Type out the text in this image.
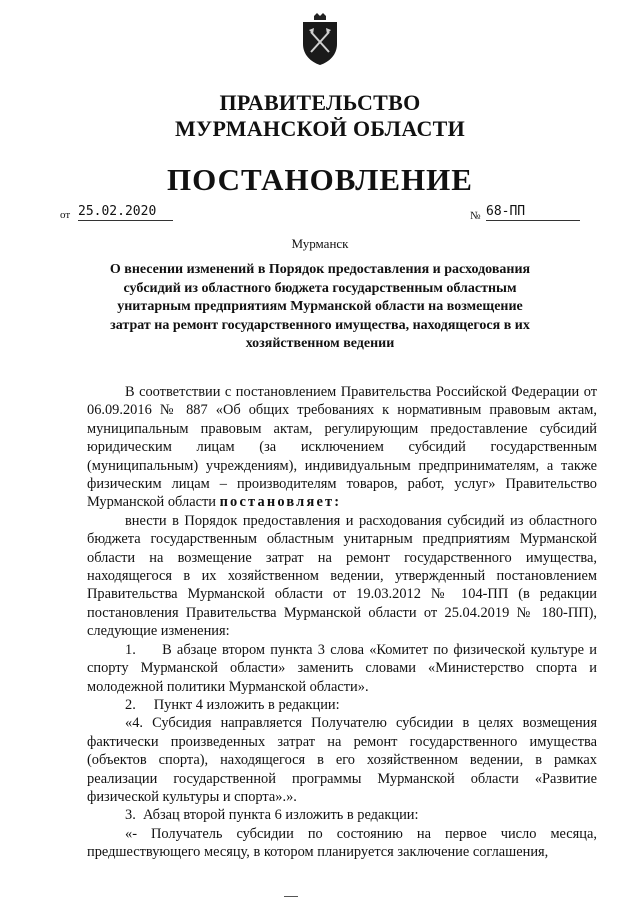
ПРАВИТЕЛЬСТВО
МУРМАНСКОЙ ОБЛАСТИ
ПОСТАНОВЛЕНИЕ
от 25.02.2020	№ 68-ПП
Мурманск
О внесении изменений в Порядок предоставления и расходования субсидий из областного бюджета государственным областным унитарным предприятиям Мурманской области на возмещение затрат на ремонт государственного имущества, находящегося в их хозяйственном ведении

В соответствии с постановлением Правительства Российской Федерации от 06.09.2016 № 887 «Об общих требованиях к нормативным правовым актам, муниципальным правовым актам, регулирующим предоставление субсидий юридическим лицам (за исключением субсидий государственным (муниципальным) учреждениям), индивидуальным предпринимателям, а также физическим лицам – производителям товаров, работ, услуг» Правительство Мурманской области постановляет:

внести в Порядок предоставления и расходования субсидий из областного бюджета государственным областным унитарным предприятиям Мурманской области на возмещение затрат на ремонт государственного имущества, находящегося в их хозяйственном ведении, утвержденный постановлением Правительства Мурманской области от 19.03.2012 № 104-ПП (в редакции постановления Правительства Мурманской области от 25.04.2019 № 180-ПП), следующие изменения:

1.     В абзаце втором пункта 3 слова «Комитет по физической культуре и спорту Мурманской области» заменить словами «Министерство спорта и молодежной политики Мурманской области».

2.     Пункт 4 изложить в редакции:

«4. Субсидия направляется Получателю субсидии в целях возмещения фактически произведенных затрат на ремонт государственного имущества (объектов спорта), находящегося в его хозяйственном ведении, в рамках реализации государственной программы Мурманской области «Развитие физической культуры и спорта».».

3.  Абзац второй пункта 6 изложить в редакции:

«- Получатель субсидии по состоянию на первое число месяца, предшествующего месяцу, в котором планируется заключение соглашения,
